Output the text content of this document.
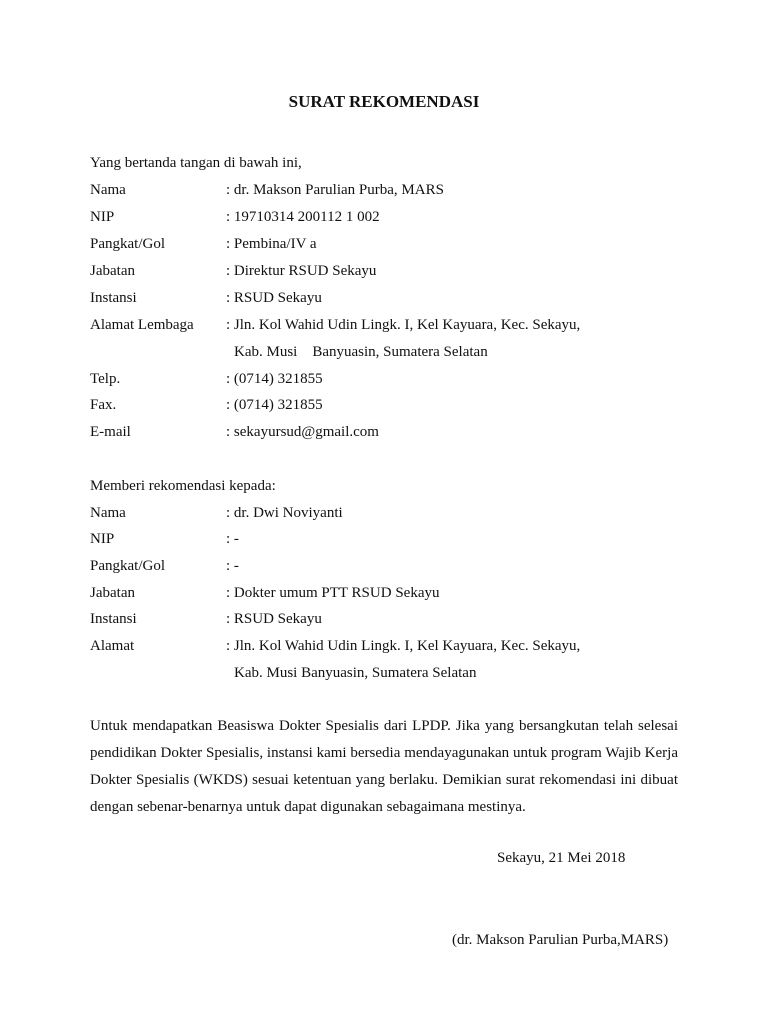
SURAT REKOMENDASI
Yang bertanda tangan di bawah ini,
Nama	: dr. Makson Parulian Purba, MARS
NIP	: 19710314 200112 1 002
Pangkat/Gol	: Pembina/IV a
Jabatan	: Direktur RSUD Sekayu
Instansi	: RSUD Sekayu
Alamat Lembaga : Jln. Kol Wahid Udin Lingk. I, Kel Kayuara, Kec. Sekayu,
Kab. Musi    Banyuasin, Sumatera Selatan
Telp.	: (0714) 321855
Fax.	: (0714) 321855
E-mail	: sekayursud@gmail.com
Memberi rekomendasi kepada:
Nama	: dr. Dwi Noviyanti
NIP	: -
Pangkat/Gol	: -
Jabatan	: Dokter umum PTT RSUD Sekayu
Instansi	: RSUD Sekayu
Alamat	: Jln. Kol Wahid Udin Lingk. I, Kel Kayuara, Kec. Sekayu,
Kab. Musi Banyuasin, Sumatera Selatan
Untuk mendapatkan Beasiswa Dokter Spesialis dari LPDP. Jika yang bersangkutan telah selesai pendidikan Dokter Spesialis, instansi kami bersedia mendayagunakan untuk program Wajib Kerja Dokter Spesialis (WKDS) sesuai ketentuan yang berlaku. Demikian surat rekomendasi ini dibuat dengan sebenar-benarnya untuk dapat digunakan sebagaimana mestinya.
Sekayu, 21 Mei 2018
(dr. Makson Parulian Purba,MARS)
